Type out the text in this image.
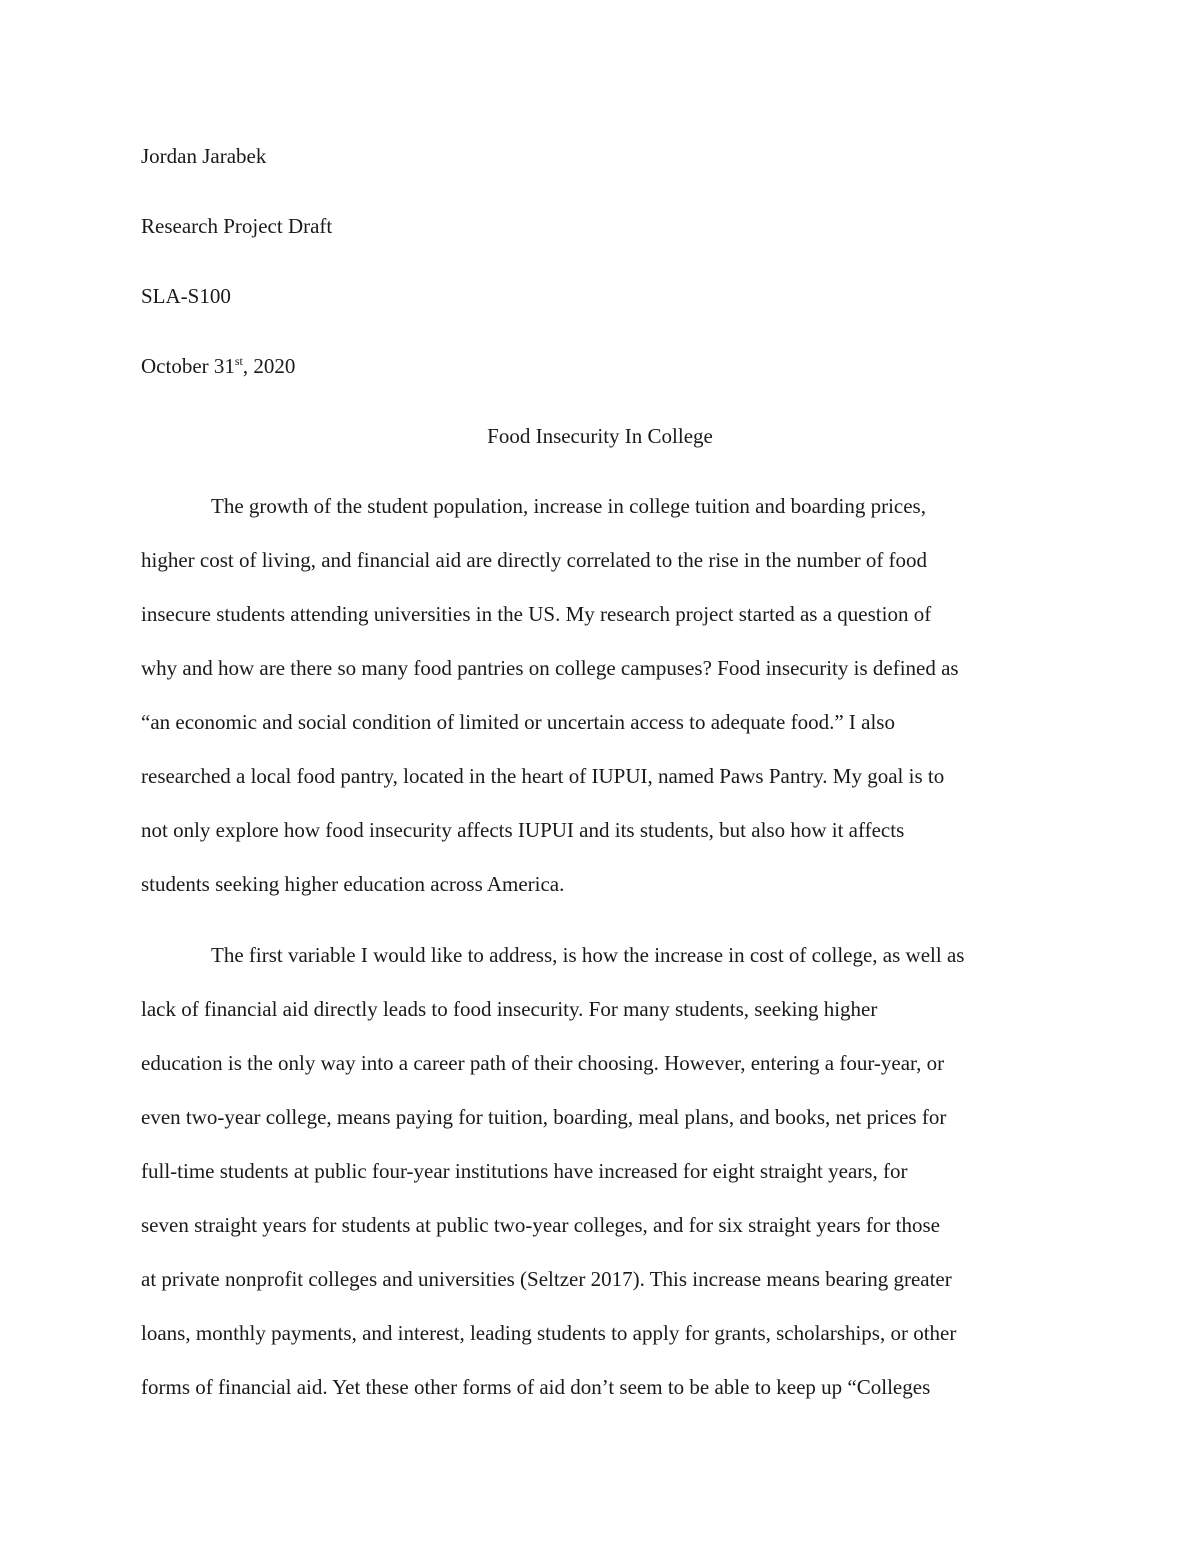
Jordan Jarabek
Research Project Draft
SLA-S100
October 31st, 2020
Food Insecurity In College
The growth of the student population, increase in college tuition and boarding prices,
higher cost of living, and financial aid are directly correlated to the rise in the number of food
insecure students attending universities in the US. My research project started as a question of
why and how are there so many food pantries on college campuses? Food insecurity is defined as
“an economic and social condition of limited or uncertain access to adequate food.” I also
researched a local food pantry, located in the heart of IUPUI, named Paws Pantry. My goal is to
not only explore how food insecurity affects IUPUI and its students, but also how it affects
students seeking higher education across America.
The first variable I would like to address, is how the increase in cost of college, as well as
lack of financial aid directly leads to food insecurity. For many students, seeking higher
education is the only way into a career path of their choosing. However, entering a four-year, or
even two-year college, means paying for tuition, boarding, meal plans, and books, net prices for
full-time students at public four-year institutions have increased for eight straight years, for
seven straight years for students at public two-year colleges, and for six straight years for those
at private nonprofit colleges and universities (Seltzer 2017). This increase means bearing greater
loans, monthly payments, and interest, leading students to apply for grants, scholarships, or other
forms of financial aid. Yet these other forms of aid don’t seem to be able to keep up “Colleges
